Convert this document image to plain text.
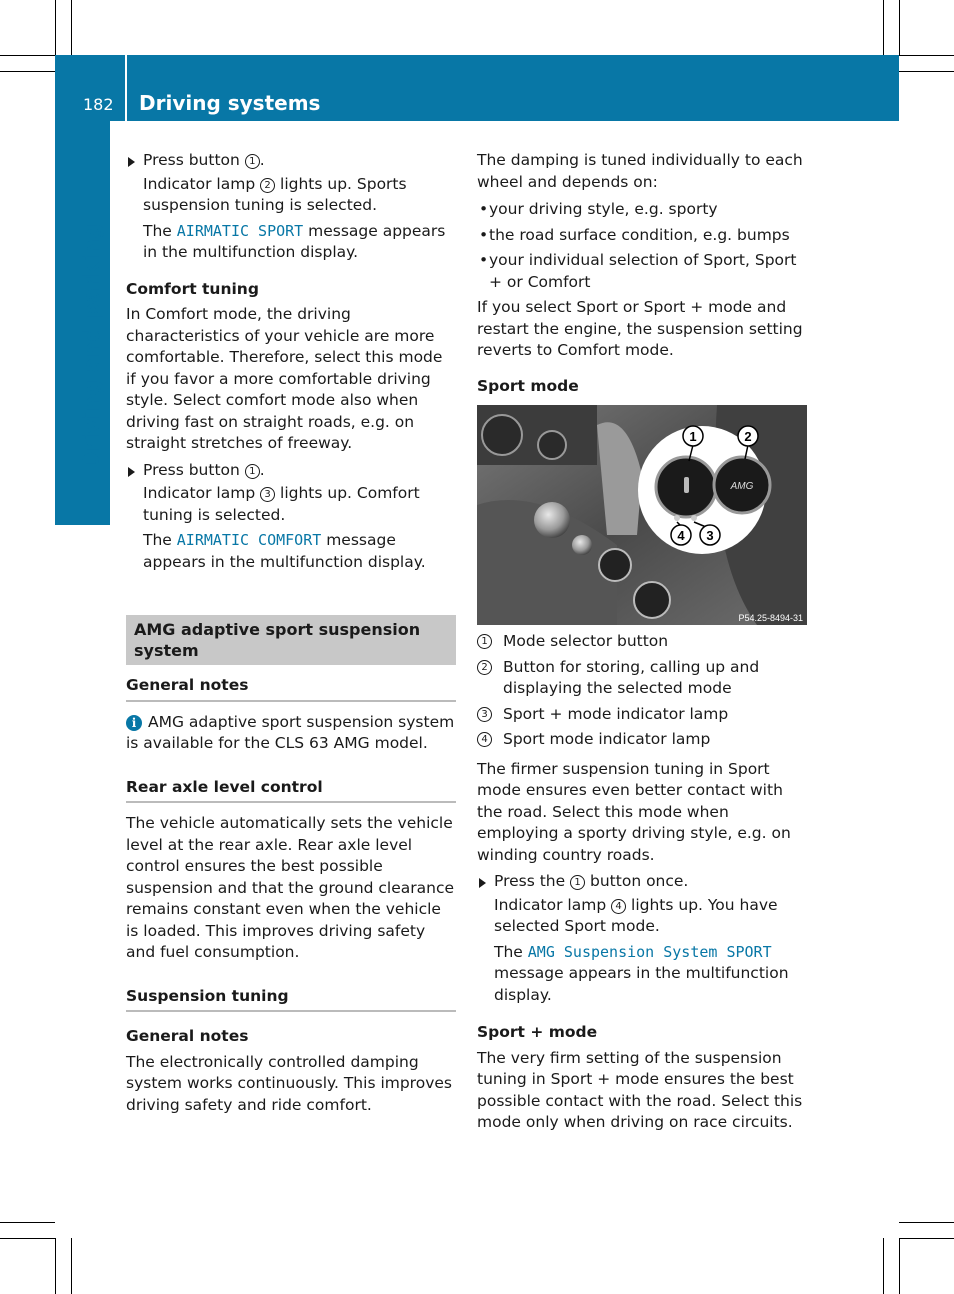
182 Driving systems
Driving and parking
Press button 1 .

Indicator lamp 2 lights up. Sports suspension tuning is selected.

The AIRMATIC SPORT message appears in the multifunction display.

Comfort tuning

In Comfort mode, the driving characteristics of your vehicle are more comfortable. Therefore, select this mode if you favor a more comfortable driving style. Select comfort mode also when driving fast on straight roads, e.g. on straight stretches of freeway.

Press button 1 .

Indicator lamp 3 lights up. Comfort tuning is selected.

The AIRMATIC COMFORT message appears in the multifunction display.

AMG adaptive sport suspension system
General notes

i AMG adaptive sport suspension system is available for the CLS 63 AMG model.

Rear axle level control

The vehicle automatically sets the vehicle level at the rear axle. Rear axle level control ensures the best possible suspension and that the ground clearance remains constant even when the vehicle is loaded. This improves driving safety and fuel consumption.

Suspension tuning
General notes

The electronically controlled damping system works continuously. This improves driving safety and ride comfort.

The damping is tuned individually to each wheel and depends on:

• your driving style, e.g. sporty

• the road surface condition, e.g. bumps

• your individual selection of Sport, Sport + or Comfort

If you select Sport or Sport + mode and restart the engine, the suspension setting reverts to Comfort mode.

Sport mode
AMG
1	2
4 3
P54.25-8494-31

1 Mode selector button

2 Button for storing, calling up and displaying the selected mode

3 Sport + mode indicator lamp

4 Sport mode indicator lamp

The firmer suspension tuning in Sport mode ensures even better contact with the road. Select this mode when employing a sporty driving style, e.g. on winding country roads.

Press the 1 button once.

Indicator lamp 4 lights up. You have selected Sport mode.

The AMG Suspension System SPORT message appears in the multifunction display.

Sport + mode

The very firm setting of the suspension tuning in Sport + mode ensures the best possible contact with the road. Select this mode only when driving on race circuits.
